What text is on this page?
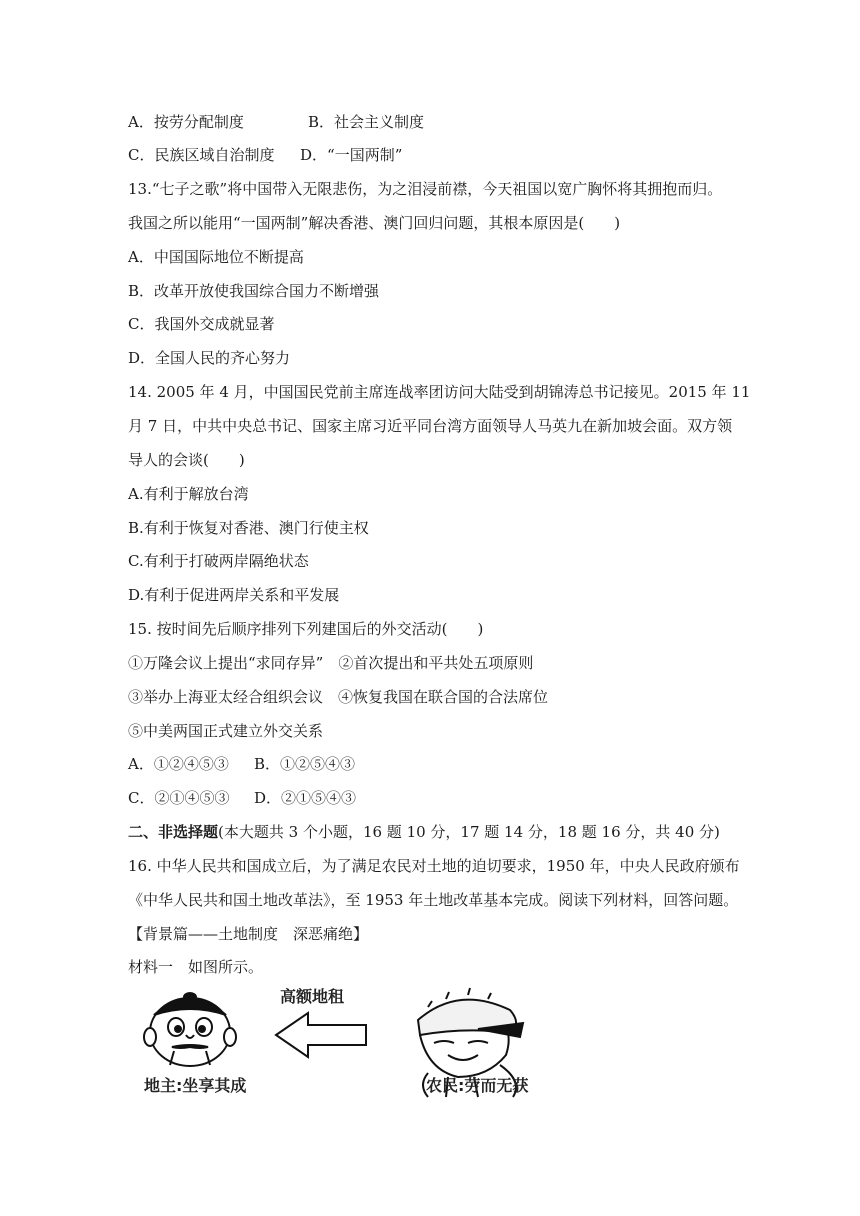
A．按劳分配制度	B．社会主义制度
C．民族区域自治制度 D．“一国两制”
13.“七子之歌”将中国带入无限悲伤，为之泪浸前襟，今天祖国以宽广胸怀将其拥抱而归。
我国之所以能用“一国两制”解决香港、澳门回归问题，其根本原因是(　　)
A．中国国际地位不断提高
B．改革开放使我国综合国力不断增强
C．我国外交成就显著
D．全国人民的齐心努力
14. 2005 年 4 月，中国国民党前主席连战率团访问大陆受到胡锦涛总书记接见。2015 年 11
月 7 日，中共中央总书记、国家主席习近平同台湾方面领导人马英九在新加坡会面。双方领
导人的会谈(　　)
A.有利于解放台湾
B.有利于恢复对香港、澳门行使主权
C.有利于打破两岸隔绝状态
D.有利于促进两岸关系和平发展
15. 按时间先后顺序排列下列建国后的外交活动(　　)
①万隆会议上提出“求同存异”　②首次提出和平共处五项原则
③举办上海亚太经合组织会议　④恢复我国在联合国的合法席位
⑤中美两国正式建立外交关系
A．①②④⑤③ B．①②⑤④③
C．②①④⑤③ D．②①⑤④③
二、非选择题(本大题共 3 个小题，16 题 10 分，17 题 14 分，18 题 16 分，共 40 分)
16. 中华人民共和国成立后，为了满足农民对土地的迫切要求，1950 年，中央人民政府颁布
《中华人民共和国土地改革法》，至 1953 年土地改革基本完成。阅读下列材料，回答问题。
【背景篇——土地制度　深恶痛绝】
材料一　如图所示。
高额地租
地主:坐享其成	农民:劳而无获
